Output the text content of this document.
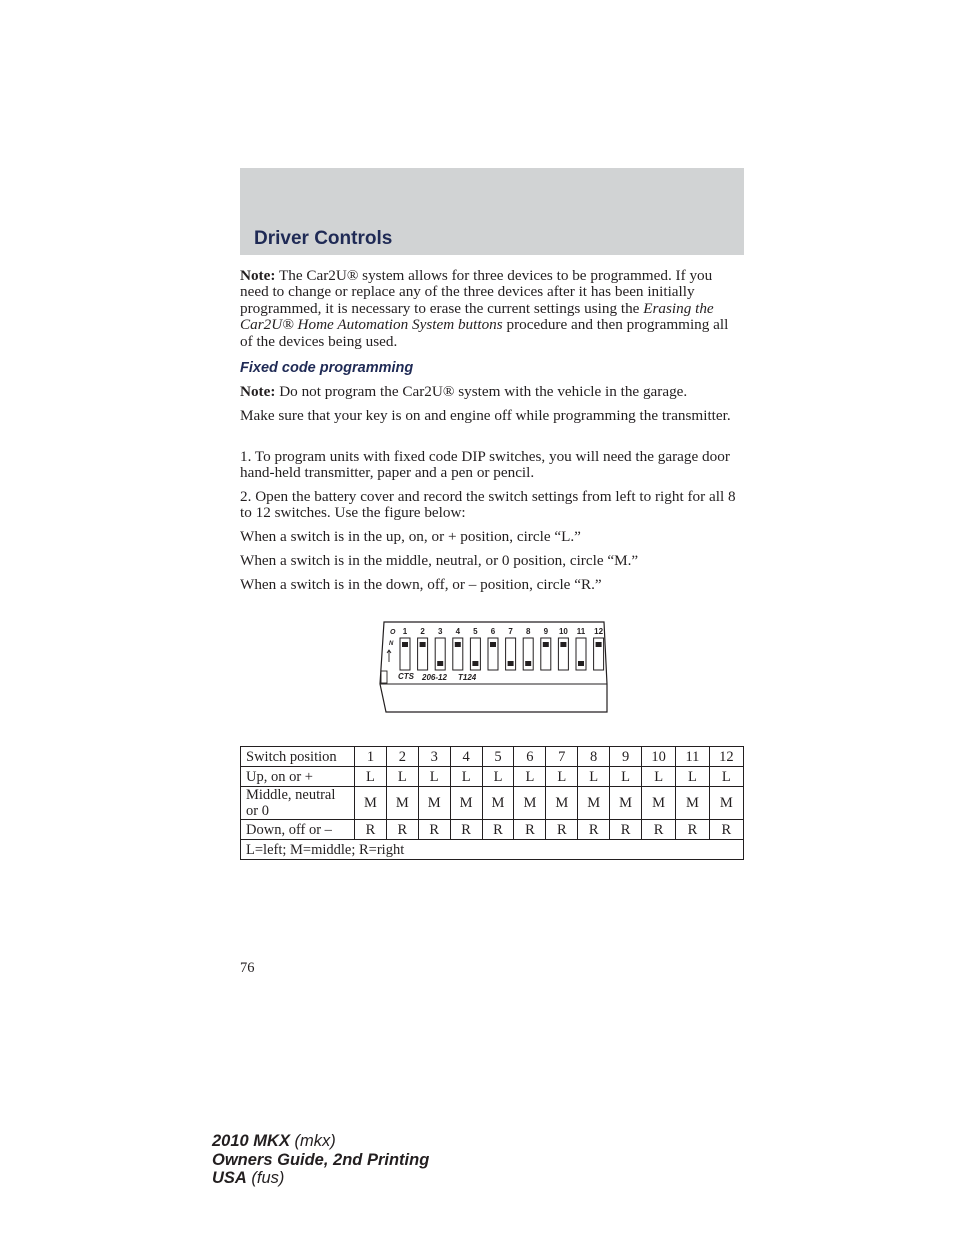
Driver Controls

Note: The Car2U® system allows for three devices to be programmed. If you need to change or replace any of the three devices after it has been initially programmed, it is necessary to erase the current settings using the Erasing the Car2U® Home Automation System buttons procedure and then programming all of the devices being used.

Fixed code programming

Note: Do not program the Car2U® system with the vehicle in the garage.

Make sure that your key is on and engine off while programming the transmitter.
1. To program units with fixed code DIP switches, you will need the garage door hand-held transmitter, paper and a pen or pencil.
2. Open the battery cover and record the switch settings from left to right for all 8 to 12 switches. Use the figure below:
When a switch is in the up, on, or + position, circle “L.”
When a switch is in the middle, neutral, or 0 position, circle “M.”
When a switch is in the down, off, or – position, circle “R.”
O
N
1 2 3 4 5 6 7 8 9 10 11 12
CTS 206-12 T124
Switch position	1	2	3	4	5	6	7	8	9	10	11	12
Up, on or +	L	L	L	L	L	L	L	L	L	L	L	L
Middle, neutral or 0	M	M	M	M	M	M	M	M	M	M	M	M
Down, off or –	R	R	R	R	R	R	R	R	R	R	R	R
L=left; M=middle; R=right												
76
2010 MKX (mkx)
Owners Guide, 2nd Printing
USA (fus)
